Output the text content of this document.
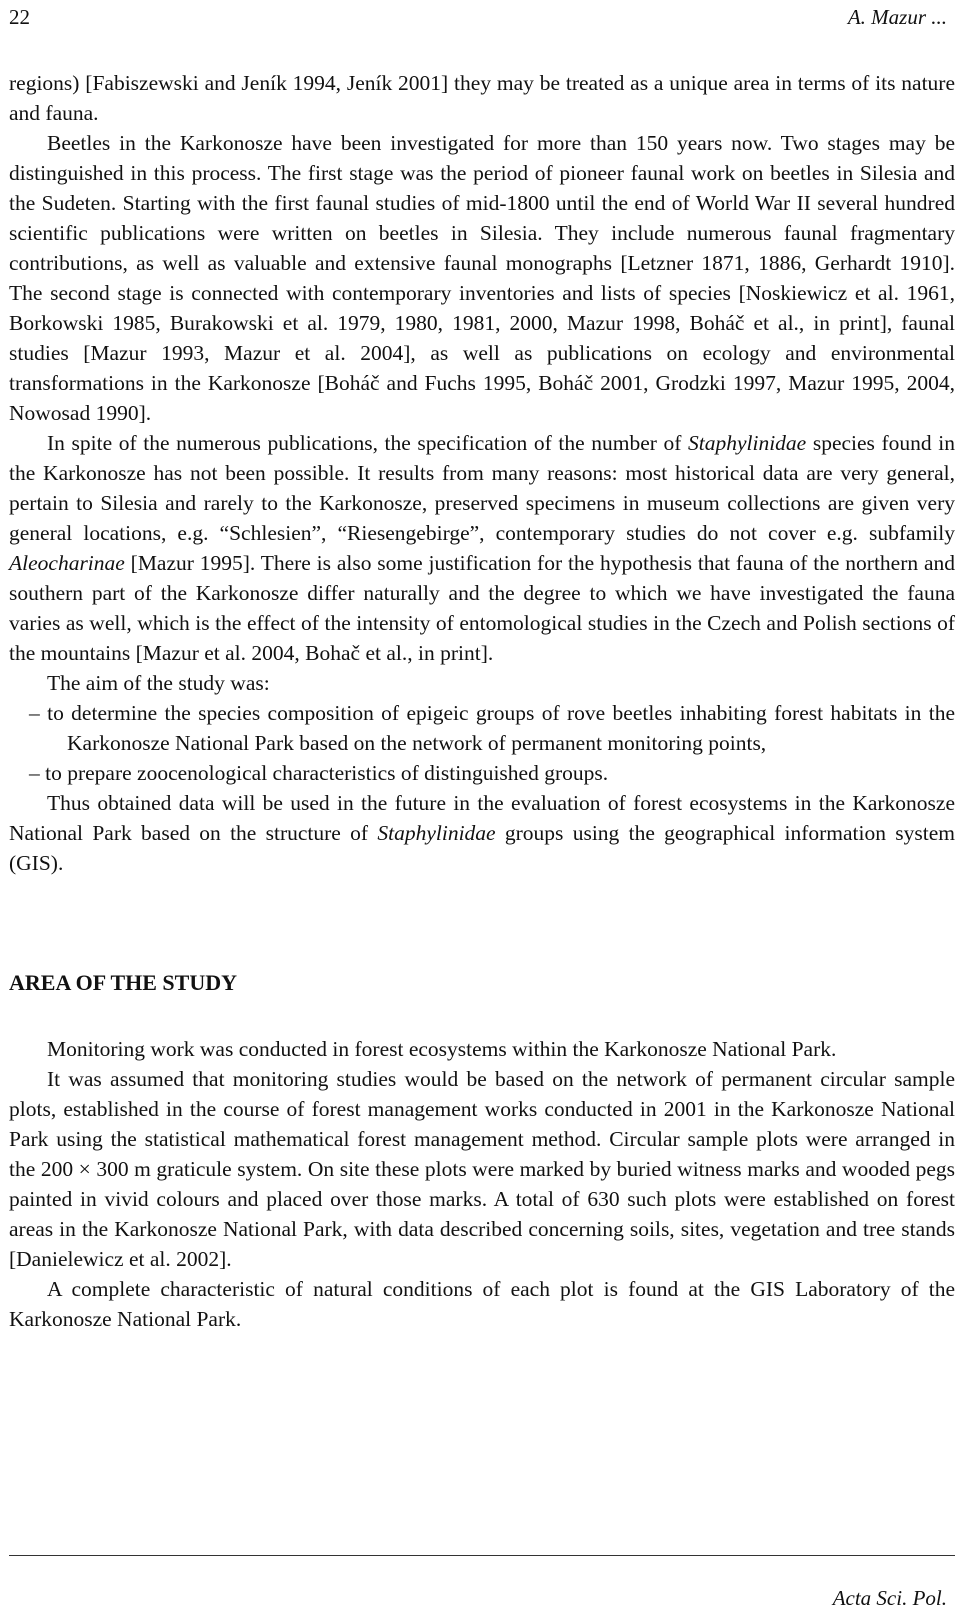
22	A. Mazur ...

regions) [Fabiszewski and Jeník 1994, Jeník 2001] they may be treated as a unique area in terms of its nature and fauna.

Beetles in the Karkonosze have been investigated for more than 150 years now. Two stages may be distinguished in this process. The first stage was the period of pioneer faunal work on beetles in Silesia and the Sudeten. Starting with the first faunal studies of mid-1800 until the end of World War II several hundred scientific publications were written on beetles in Silesia. They include numerous faunal fragmentary contributions, as well as valuable and extensive faunal monographs [Letzner 1871, 1886, Gerhardt 1910]. The second stage is connected with contemporary inventories and lists of species [Noskiewicz et al. 1961, Borkowski 1985, Burakowski et al. 1979, 1980, 1981, 2000, Mazur 1998, Boháč et al., in print], faunal studies [Mazur 1993, Mazur et al. 2004], as well as publications on ecology and environmental transformations in the Karkonosze [Boháč and Fuchs 1995, Boháč 2001, Grodzki 1997, Mazur 1995, 2004, Nowosad 1990].

In spite of the numerous publications, the specification of the number of Staphylinidae species found in the Karkonosze has not been possible. It results from many reasons: most historical data are very general, pertain to Silesia and rarely to the Karkonosze, preserved specimens in museum collections are given very general locations, e.g. “Schlesien”, “Riesengebirge”, contemporary studies do not cover e.g. subfamily Aleocharinae [Mazur 1995]. There is also some justification for the hypothesis that fauna of the northern and southern part of the Karkonosze differ naturally and the degree to which we have investigated the fauna varies as well, which is the effect of the intensity of entomological studies in the Czech and Polish sections of the mountains [Mazur et al. 2004, Bohač et al., in print].

The aim of the study was:

– to determine the species composition of epigeic groups of rove beetles inhabiting forest habitats in the Karkonosze National Park based on the network of permanent monitoring points,

– to prepare zoocenological characteristics of distinguished groups.

Thus obtained data will be used in the future in the evaluation of forest ecosystems in the Karkonosze National Park based on the structure of Staphylinidae groups using the geographical information system (GIS).

AREA OF THE STUDY

Monitoring work was conducted in forest ecosystems within the Karkonosze National Park.

It was assumed that monitoring studies would be based on the network of permanent circular sample plots, established in the course of forest management works conducted in 2001 in the Karkonosze National Park using the statistical mathematical forest management method. Circular sample plots were arranged in the 200 × 300 m graticule system. On site these plots were marked by buried witness marks and wooded pegs painted in vivid colours and placed over those marks. A total of 630 such plots were established on forest areas in the Karkonosze National Park, with data described concerning soils, sites, vegetation and tree stands [Danielewicz et al. 2002].

A complete characteristic of natural conditions of each plot is found at the GIS Laboratory of the Karkonosze National Park.

Acta Sci. Pol.
